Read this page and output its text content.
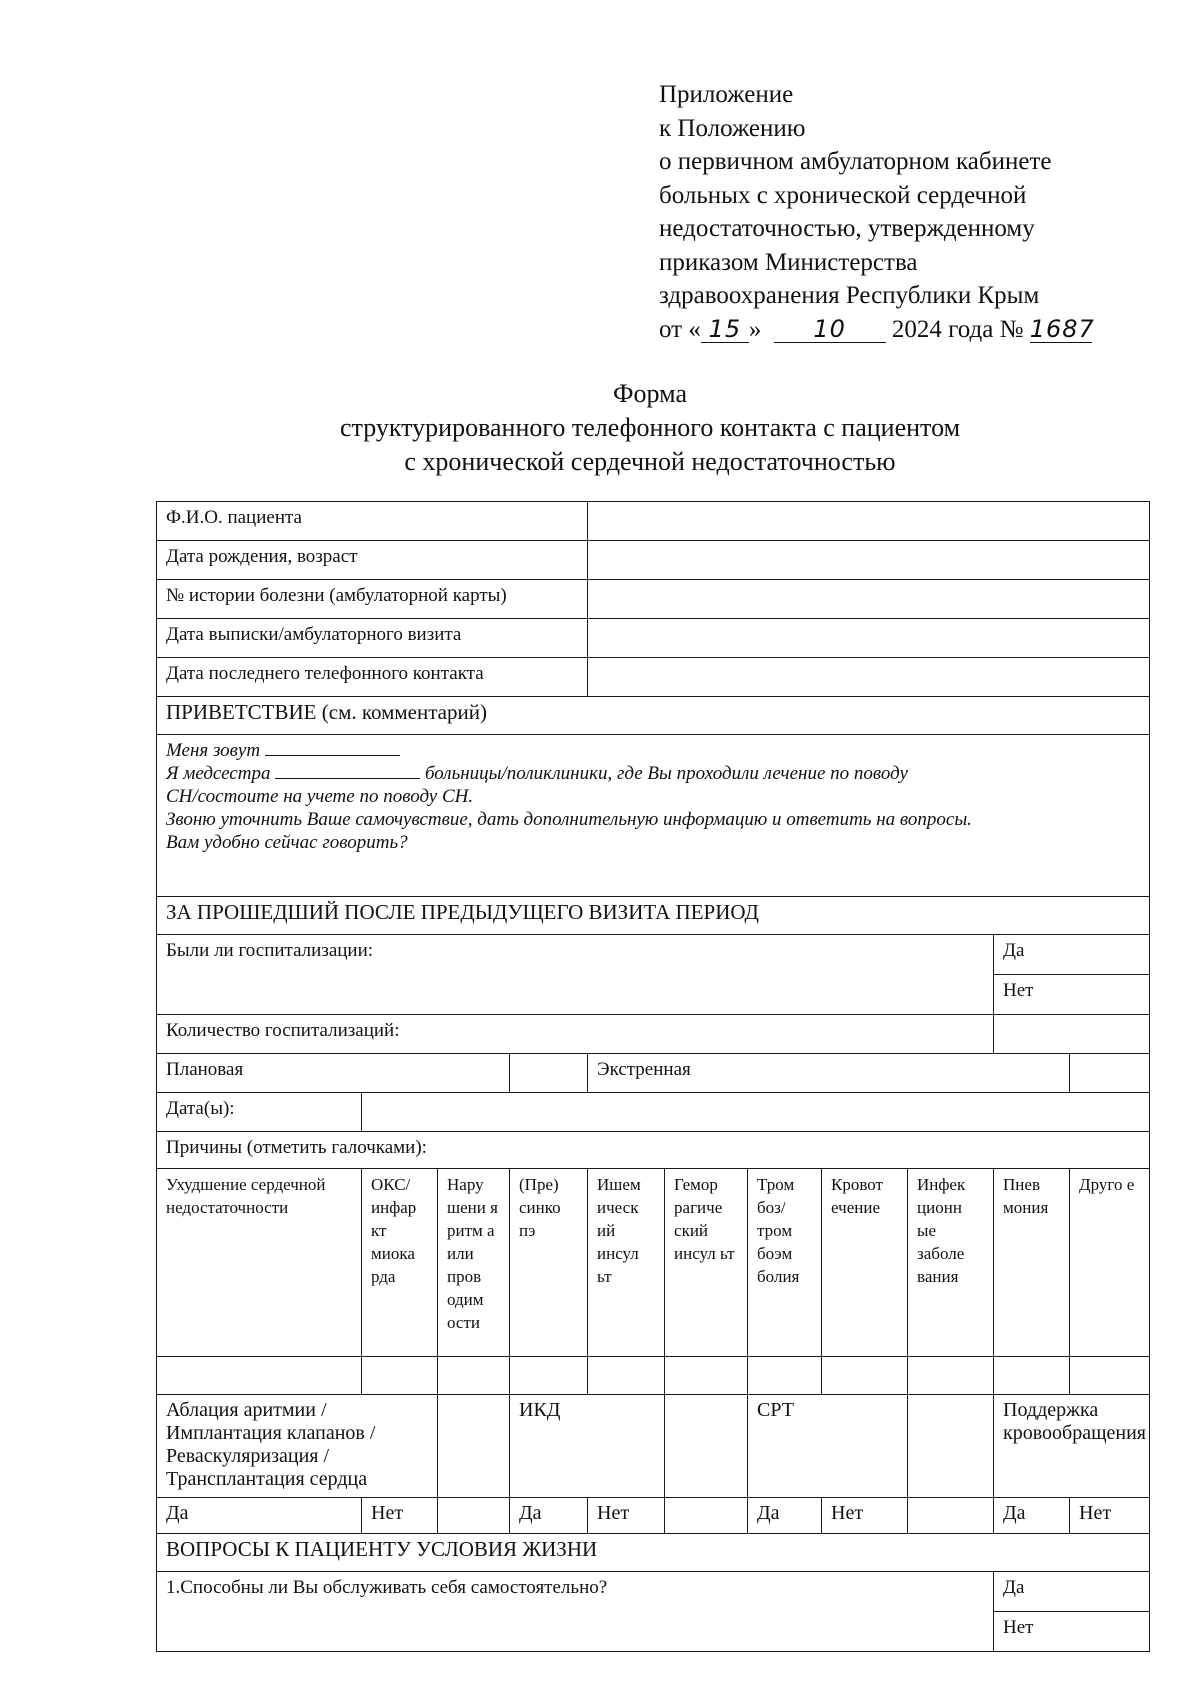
Приложение
к Положению
о первичном амбулаторном кабинете
больных с хронической сердечной
недостаточностью, утвержденному
приказом Министерства
здравоохранения Республики Крым
от « 15 » 10 2024 года № 1687
Форма
структурированного телефонного контакта с пациентом
с хронической сердечной недостаточностью
Ф.И.О. пациента										
Дата рождения, возраст										
№ истории болезни (амбулаторной карты)										
Дата выписки/амбулаторного визита										
Дата последнего телефонного контакта										
ПРИВЕТСТВИЕ (см. комментарий)										

Меня зовут
Я медсестра больницы/поликлиники, где Вы проходили лечение по поводу
СН/состоите на учете по поводу СН.
Звоню уточнить Ваше самочувствие, дать дополнительную информацию и ответить на вопросы.
Вам удобно сейчас говорить?										

ЗА ПРОШЕДШИЙ ПОСЛЕ ПРЕДЫДУЩЕГО ВИЗИТА ПЕРИОД										
Были ли госпитализации:									Да	
									Нет	
Количество госпитализаций:										
Плановая				Экстренная						
Дата(ы):										
Причины (отметить галочками):										
Ухудшение сердечной недостаточности	ОКС/ инфар кт миока рда	Нару шени я ритм а или пров одим ости	(Пре) синко пэ	Ишем ическ ий инсул ьт	Гемор рагиче ский инсул ьт	Тром боз/ тром боэм болия	Кровот ечение	Инфек ционн ые заболе вания	Пнев мония	Друго е

Аблация аритмии / Имплантация клапанов / Реваскуляризация / Трансплантация сердца			ИКД			СРТ			Поддержка кровообращения	
Да	Нет		Да	Нет		Да	Нет		Да	Нет
ВОПРОСЫ К ПАЦИЕНТУ УСЛОВИЯ ЖИЗНИ										
1.Способны ли Вы обслуживать себя самостоятельно?									Да	
									Нет	
